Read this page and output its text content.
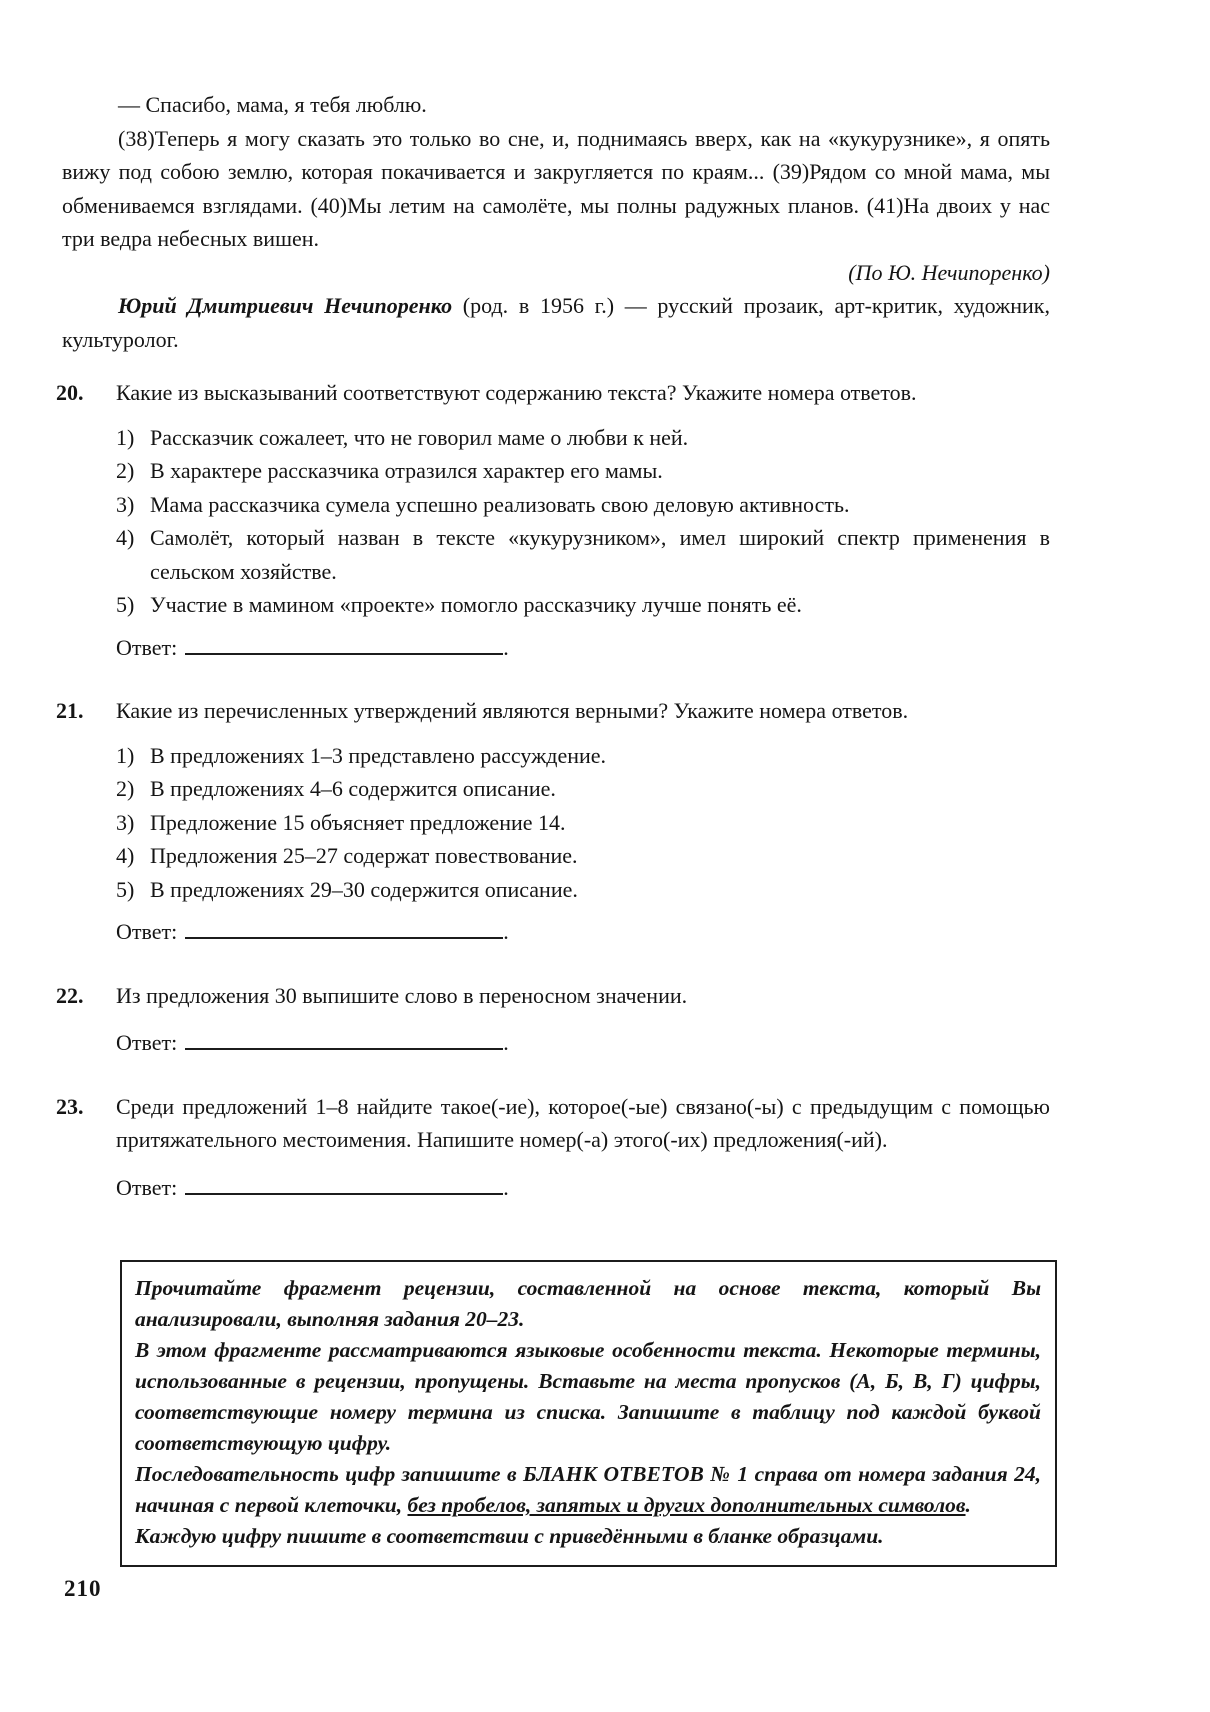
— Спасибо, мама, я тебя люблю.

(38)Теперь я могу сказать это только во сне, и, поднимаясь вверх, как на «кукурузнике», я опять вижу под собою землю, которая покачивается и закругляется по краям... (39)Рядом со мной мама, мы обмениваемся взглядами. (40)Мы летим на самолёте, мы полны радужных планов. (41)На двоих у нас три ведра небесных вишен.

(По Ю. Нечипоренко)

Юрий Дмитриевич Нечипоренко (род. в 1956 г.) — русский прозаик, арт-критик, художник, культуролог.

20.	Какие из высказываний соответствуют содержанию текста? Укажите номера ответов.

1) Рассказчик сожалеет, что не говорил маме о любви к ней.
2) В характере рассказчика отразился характер его мамы.
3) Мама рассказчика сумела успешно реализовать свою деловую активность.
4) Самолёт, который назван в тексте «кукурузником», имел широкий спектр применения в сельском хозяйстве.
5) Участие в мамином «проекте» помогло рассказчику лучше понять её.
Ответ:	.
21.	Какие из перечисленных утверждений являются верными? Укажите номера ответов.

1) В предложениях 1–3 представлено рассуждение.
2) В предложениях 4–6 содержится описание.
3) Предложение 15 объясняет предложение 14.
4) Предложения 25–27 содержат повествование.
5) В предложениях 29–30 содержится описание.
Ответ:	.
22.	Из предложения 30 выпишите слово в переносном значении.

Ответ:	.
23.	Среди предложений 1–8 найдите такое(-ие), которое(-ые) связано(-ы) с предыдущим с помощью притяжательного местоимения. Напишите номер(-а) этого(-их) предложения(-ий).

Ответ:	.

Прочитайте фрагмент рецензии, составленной на основе текста, который Вы анализировали, выполняя задания 20–23.

В этом фрагменте рассматриваются языковые особенности текста. Некоторые термины, использованные в рецензии, пропущены. Вставьте на места пропусков (А, Б, В, Г) цифры, соответствующие номеру термина из списка. Запишите в таблицу под каждой буквой соответствующую цифру.

Последовательность цифр запишите в БЛАНК ОТВЕТОВ № 1 справа от номера задания 24, начиная с первой клеточки, без пробелов, запятых и других дополнительных символов.

Каждую цифру пишите в соответствии с приведёнными в бланке образцами.

210
